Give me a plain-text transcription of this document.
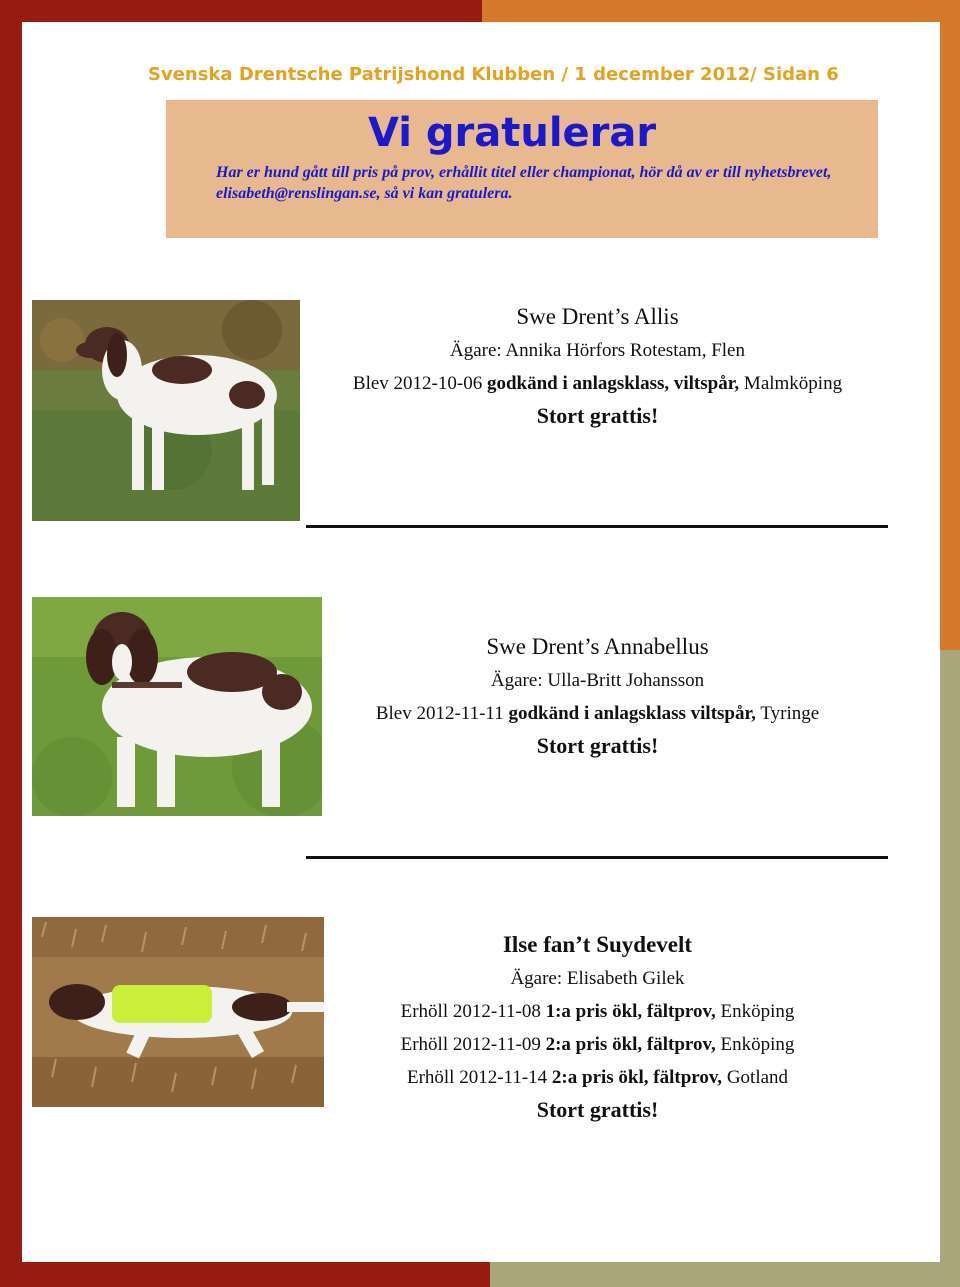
Svenska Drentsche Patrijshond Klubben / 1 december 2012/ Sidan 6
Vi gratulerar
Har er hund gått till pris på prov, erhållit titel eller championat, hör då av er till nyhetsbrevet, elisabeth@renslingan.se, så vi kan gratulera.
Swe Drent’s Allis
Ägare: Annika Hörfors Rotestam, Flen
Blev 2012-10-06 godkänd i anlagsklass, viltspår, Malmköping
Stort grattis!
Swe Drent’s Annabellus
Ägare: Ulla-Britt Johansson
Blev 2012-11-11 godkänd i anlagsklass viltspår, Tyringe
Stort grattis!
Ilse fan’t Suydevelt
Ägare: Elisabeth Gilek
Erhöll 2012-11-08 1:a pris ökl, fältprov, Enköping
Erhöll 2012-11-09 2:a pris ökl, fältprov, Enköping
Erhöll 2012-11-14 2:a pris ökl, fältprov, Gotland
Stort grattis!
